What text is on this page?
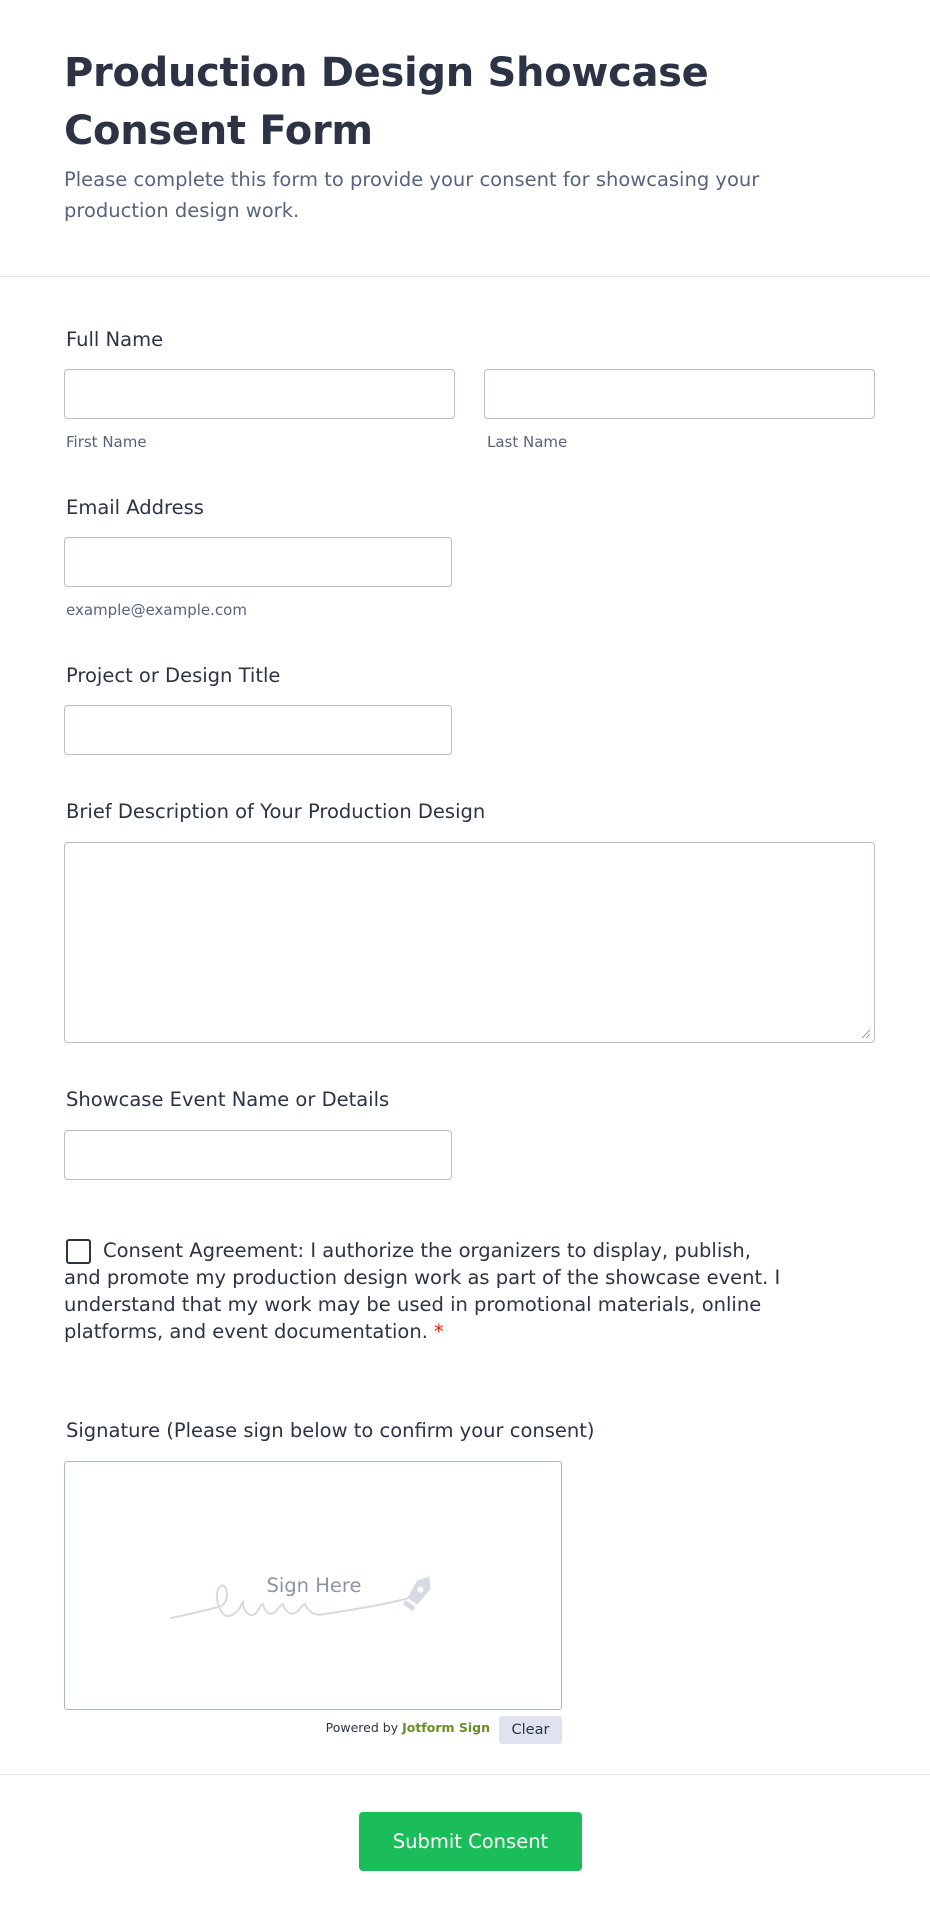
Production Design Showcase Consent Form
Please complete this form to provide your consent for showcasing your production design work.
Full Name
First Name	Last Name
Email Address
example@example.com
Project or Design Title
Brief Description of Your Production Design
Showcase Event Name or Details
Consent Agreement: I authorize the organizers to display, publish, and promote my production design work as part of the showcase event. I understand that my work may be used in promotional materials, online platforms, and event documentation. *
Signature (Please sign below to confirm your consent)
Sign Here
Powered by Jotform Sign	Clear
Submit Consent
